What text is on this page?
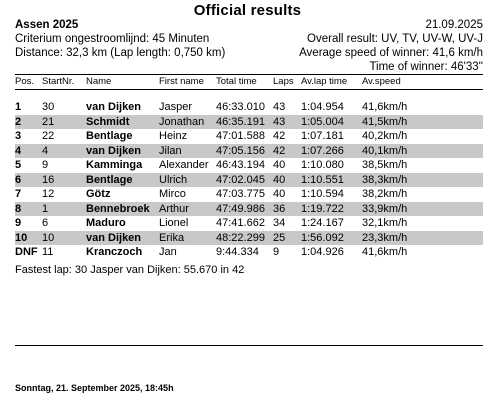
Official results
Assen 2025	21.09.2025
Criterium ongestroomlijnd: 45 Minuten	Overall result: UV, TV, UV-W, UV-J
Distance: 32,3 km (Lap length: 0,750 km)	Average speed of winner: 41,6 km/h
Time of winner: 46'33''
Pos. StartNr. Name	First name Total time Laps Av.lap time Av.speed
1 30	van Dijken Jasper 46:33.010 43 1:04.954 41,6km/h
2 21	Schmidt	Jonathan 46:35.191 43 1:05.004 41,5km/h
3 22	Bentlage Heinz	47:01.588 42 1:07.181 40,2km/h
4 4	van Dijken Jilan	47:05.156 42 1:07.266 40,1km/h
5 9	Kamminga Alexander 46:43.194 40 1:10.080 38,5km/h
6 16	Bentlage Ulrich	47:02.045 40 1:10.551 38,3km/h
7 12	Götz	Mirco	47:03.775 40 1:10.594 38,2km/h
8 1	Bennebroek Arthur 47:49.986 36 1:19.722 33,9km/h
9 6	Maduro	Lionel	47:41.662 34 1:24.167 32,1km/h
10 10	van Dijken Erika	48:22.299 25 1:56.092 23,3km/h
DNF 11	Kranczoch Jan	9:44.334 9 1:04.926 41,6km/h
Fastest lap: 30 Jasper van Dijken: 55.670 in 42
Sonntag, 21. September 2025, 18:45h
